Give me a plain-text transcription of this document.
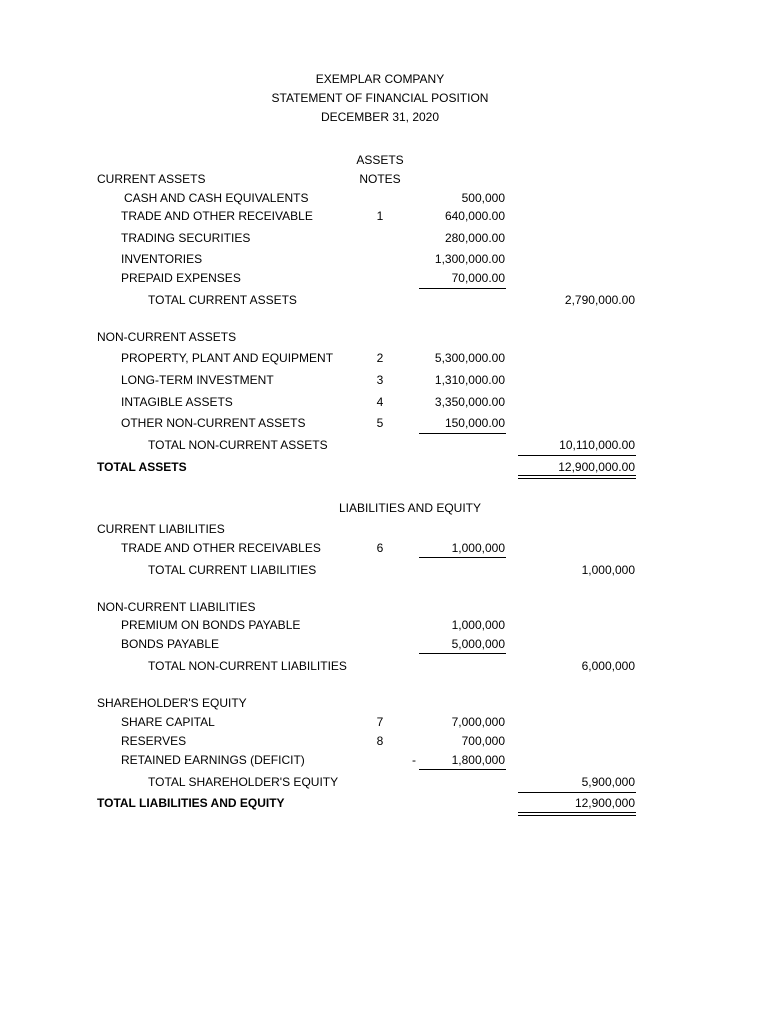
EXEMPLAR COMPANY
STATEMENT OF FINANCIAL POSITION
DECEMBER 31, 2020
ASSETS
NOTES
CURRENT ASSETS
CASH AND CASH EQUIVALENTS	500,000
TRADE AND OTHER RECEIVABLE	1	640,000.00
TRADING SECURITIES	280,000.00
INVENTORIES	1,300,000.00
PREPAID EXPENSES	70,000.00
TOTAL CURRENT ASSETS	2,790,000.00
NON-CURRENT ASSETS
PROPERTY, PLANT AND EQUIPMENT	2	5,300,000.00
LONG-TERM INVESTMENT	3	1,310,000.00
INTAGIBLE ASSETS	4	3,350,000.00
OTHER NON-CURRENT ASSETS	5	150,000.00
TOTAL NON-CURRENT ASSETS	10,110,000.00
TOTAL ASSETS	12,900,000.00
LIABILITIES AND EQUITY
CURRENT LIABILITIES
TRADE AND OTHER RECEIVABLES	6	1,000,000
TOTAL CURRENT LIABILITIES	1,000,000
NON-CURRENT LIABILITIES
PREMIUM ON BONDS PAYABLE	1,000,000
BONDS PAYABLE	5,000,000
TOTAL NON-CURRENT LIABILITIES	6,000,000
SHAREHOLDER'S EQUITY
SHARE CAPITAL	7	7,000,000
RESERVES	8	700,000
RETAINED EARNINGS (DEFICIT)	-	1,800,000
TOTAL SHAREHOLDER'S EQUITY	5,900,000
TOTAL LIABILITIES AND EQUITY	12,900,000
